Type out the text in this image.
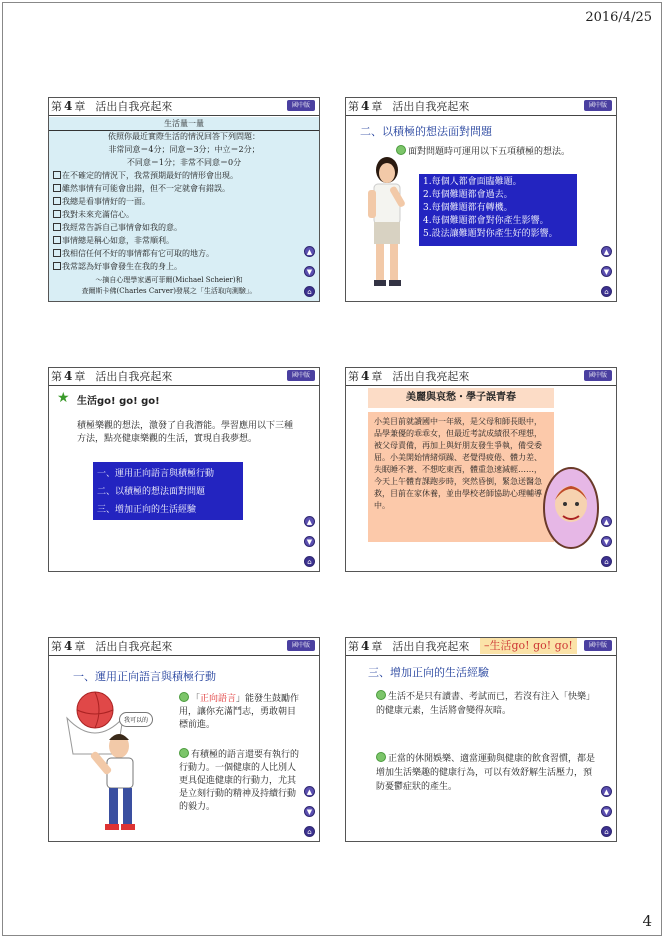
2016/4/25
第 4 章 活出自我亮起來	國中版
生活量一量
依照你最近實際生活的情況回答下列問題：
非常同意＝4分；同意＝3分；中立＝2分；
不同意＝1分；非常不同意＝0分
在不確定的情況下，我常預期最好的情形會出現。
雖然事情有可能會出錯，但不一定就會有錯誤。
我總是看事情好的一面。
我對未來充滿信心。
我經常告訴自己事情會如我的意。
事情總是稱心如意，非常順利。
我相信任何不好的事情都有它可取的地方。
我常認為好事會發生在我的身上。
～摘自心理學家邁可菲爾(Michael Scheier)和
查爾斯卡佛(Charles Carver)發展之「生活取向測驗」。
▲
▼
⌂
第 4 章 活出自我亮起來	國中版
二、以積極的想法面對問題
面對問題時可運用以下五項積極的想法。
1.每個人都會面臨難題。
2.每個難題都會過去。
3.每個難題都有轉機。
4.每個難題都會對你產生影響。
5.設法讓難題對你產生好的影響。
▲
▼
⌂
第 4 章 活出自我亮起來	國中版
★ 生活go! go! go!
積極樂觀的想法，激發了自我潛能。學習應用以下三種方法，點亮健康樂觀的生活，實現自我夢想。
一、運用正向語言與積極行動
二、以積極的想法面對問題
三、增加正向的生活經驗
▲
▼
⌂
第 4 章 活出自我亮起來	國中版
美麗與哀愁・學子誤青春
小美目前就讀國中一年級，是父母和師長眼中，品學兼優的乖乖女，但最近考試成績很不理想，被父母責備，再加上與好朋友發生爭執，備受委屈。小美開始情緒煩躁、老覺得疲倦、體力差、失眠睡不著、不想吃東西，體重急速減輕……，今天上午體育課跑步時，突然昏倒，緊急送醫急救，目前在家休養，並由學校老師協助心理輔導中。
▲
▼
⌂
第 4 章 活出自我亮起來	國中版
一、運用正向語言與積極行動
我可以的
「正向語言」能發生鼓勵作用，讓你充滿鬥志，勇敢朝目標前進。
有積極的語言還要有執行的行動力。一個健康的人比別人更具促進健康的行動力，尤其是立刻行動的精神及持續行動的毅力。
▲
▼
⌂
第 4 章 活出自我亮起來	–生活go! go! go!	國中版
三、增加正向的生活經驗
生活不是只有讀書、考試而已，若沒有注入「快樂」的健康元素，生活將會變得灰暗。
正當的休閒娛樂、適當運動與健康的飲食習慣，都是增加生活樂趣的健康行為，可以有效舒解生活壓力，預防憂鬱症狀的產生。	▲
▼
⌂
4
